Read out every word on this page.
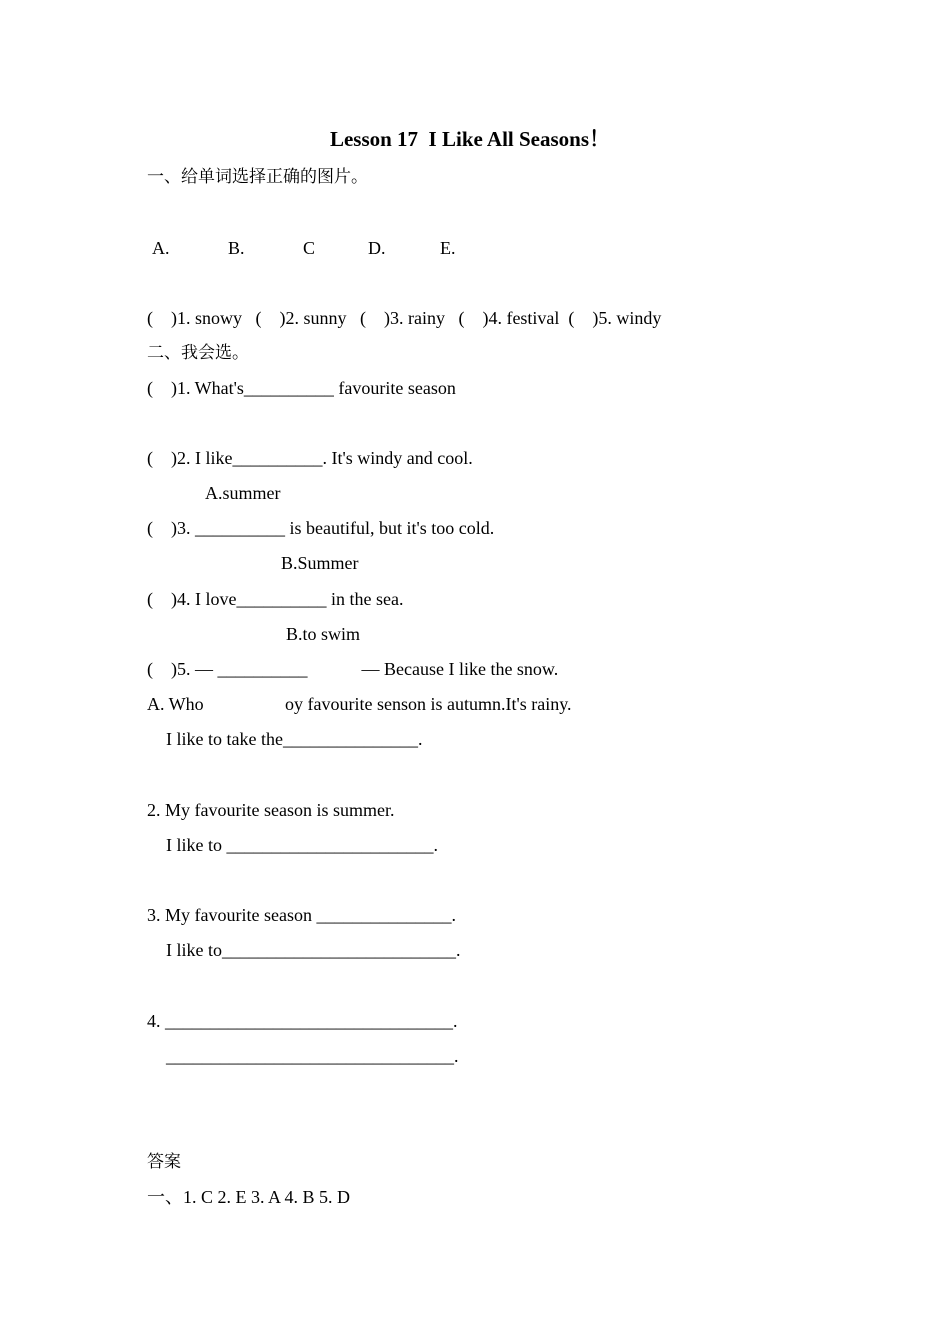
Lesson 17  I Like All Seasons！
一、给单词选择正确的图片。
A.	B.	C	D.	E.
(    )1. snowy   (    )2. sunny   (    )3. rainy   (    )4. festival  (    )5. windy
二、我会选。
(    )1. What's__________ favourite season
(    )2. I like__________. It's windy and cool.
A.summer
(    )3. __________ is beautiful, but it's too cold.
B.Summer
(    )4. I love__________ in the sea.
B.to swim
(    )5. — __________            — Because I like the snow.
A. Who	oy favourite senson is autumn.It's rainy.
I like to take the_______________.
2. My favourite season is summer.
I like to _______________________.
3. My favourite season _______________.
I like to__________________________.
4. ________________________________.
________________________________.
答案
一、1. C 2. E 3. A 4. B 5. D
